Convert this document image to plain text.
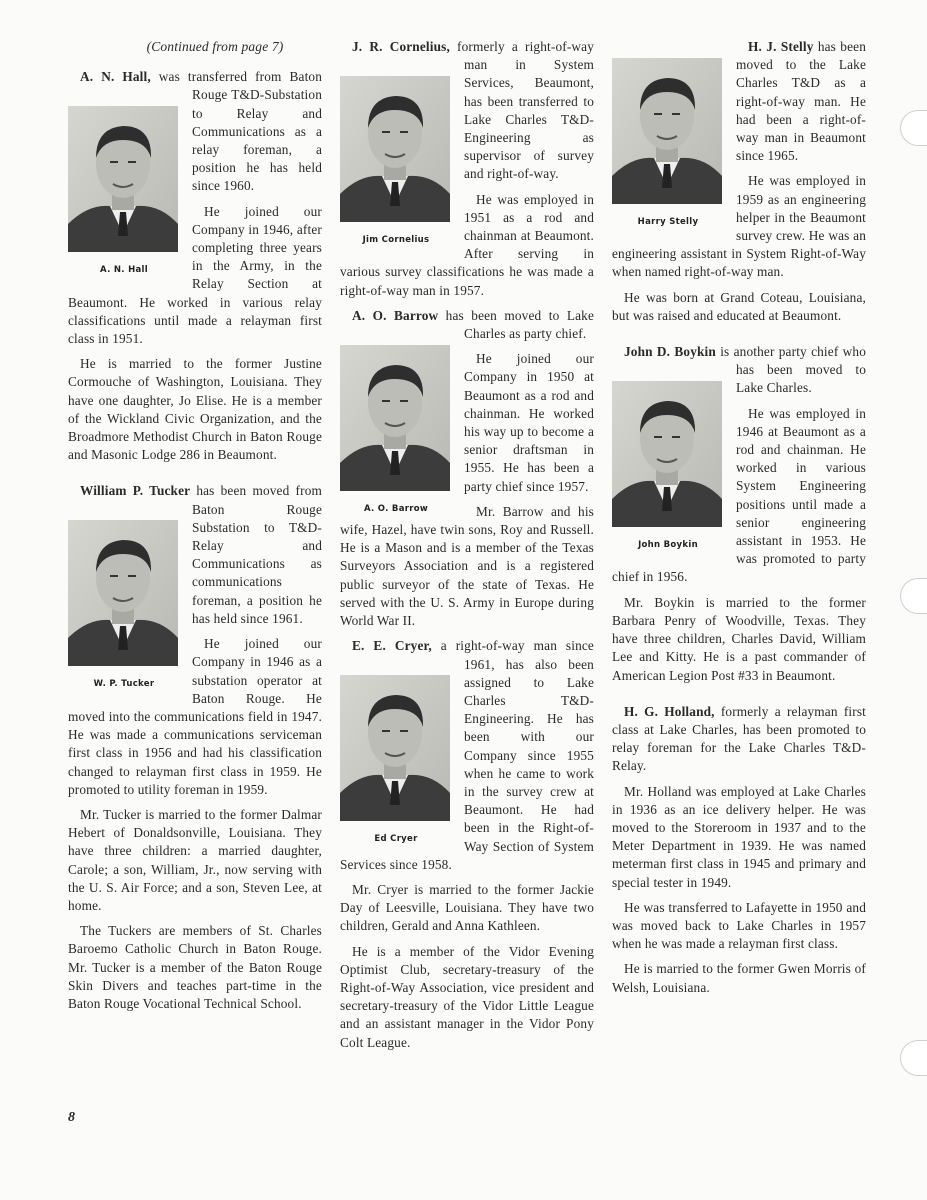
(Continued from page 7)
A. N. Hall

A. N. Hall, was transferred from Baton Rouge T&D-Substation to Relay and Communications as a relay foreman, a position he has held since 1960.

He joined our Company in 1946, after completing three years in the Army, in the Relay Section at Beaumont. He worked in various relay classifications until made a relayman first class in 1951.

He is married to the former Justine Cormouche of Washington, Louisiana. They have one daughter, Jo Elise. He is a member of the Wickland Civic Organization, and the Broadmore Methodist Church in Baton Rouge and Masonic Lodge 286 in Beaumont.

W. P. Tucker

William P. Tucker has been moved from Baton Rouge Substation to T&D-Relay and Communications as communications foreman, a position he has held since 1961.

He joined our Company in 1946 as a substation operator at Baton Rouge. He moved into the communications field in 1947. He was made a communications serviceman first class in 1956 and had his classification changed to relayman first class in 1959. He promoted to utility foreman in 1959.

Mr. Tucker is married to the former Dalmar Hebert of Donaldsonville, Louisiana. They have three children: a married daughter, Carole; a son, William, Jr., now serving with the U. S. Air Force; and a son, Steven Lee, at home.

The Tuckers are members of St. Charles Baroemo Catholic Church in Baton Rouge. Mr. Tucker is a member of the Baton Rouge Skin Divers and teaches part-time in the Baton Rouge Vocational Technical School.

Jim Cornelius

J. R. Cornelius, formerly a right-of-way man in System Services, Beaumont, has been transferred to Lake Charles T&D-Engineering as supervisor of survey and right-of-way.

He was employed in 1951 as a rod and chainman at Beaumont. After serving in various survey classifications he was made a right-of-way man in 1957.

A. O. Barrow

A. O. Barrow has been moved to Lake Charles as party chief.

He joined our Company in 1950 at Beaumont as a rod and chainman. He worked his way up to become a senior draftsman in 1955. He has been a party chief since 1957.

Mr. Barrow and his wife, Hazel, have twin sons, Roy and Russell. He is a Mason and is a member of the Texas Surveyors Association and is a registered public surveyor of the state of Texas. He served with the U. S. Army in Europe during World War II.

Ed Cryer

E. E. Cryer, a right-of-way man since 1961, has also been assigned to Lake Charles T&D-Engineering. He has been with our Company since 1955 when he came to work in the survey crew at Beaumont. He had been in the Right-of-Way Section of System Services since 1958.

Mr. Cryer is married to the former Jackie Day of Leesville, Louisiana. They have two children, Gerald and Anna Kathleen.

He is a member of the Vidor Evening Optimist Club, secretary-treasury of the Right-of-Way Association, vice president and secretary-treasury of the Vidor Little League and an assistant manager in the Vidor Pony Colt League.

Harry Stelly

H. J. Stelly has been moved to the Lake Charles T&D as a right-of-way man. He had been a right-of-way man in Beaumont since 1965.

He was employed in 1959 as an engineering helper in the Beaumont survey crew. He was an engineering assistant in System Right-of-Way when named right-of-way man.

He was born at Grand Coteau, Louisiana, but was raised and educated at Beaumont.

John Boykin

John D. Boykin is another party chief who has been moved to Lake Charles.

He was employed in 1946 at Beaumont as a rod and chainman. He worked in various System Engineering positions until made a senior engineering assistant in 1953. He was promoted to party chief in 1956.

Mr. Boykin is married to the former Barbara Penry of Woodville, Texas. They have three children, Charles David, William Lee and Kitty. He is a past commander of American Legion Post #33 in Beaumont.

H. G. Holland, formerly a relayman first class at Lake Charles, has been promoted to relay foreman for the Lake Charles T&D-Relay.

Mr. Holland was employed at Lake Charles in 1936 as an ice delivery helper. He was moved to the Storeroom in 1937 and to the Meter Department in 1939. He was named meterman first class in 1945 and primary and special tester in 1949.

He was transferred to Lafayette in 1950 and was moved back to Lake Charles in 1957 when he was made a relayman first class.

He is married to the former Gwen Morris of Welsh, Louisiana.

8
